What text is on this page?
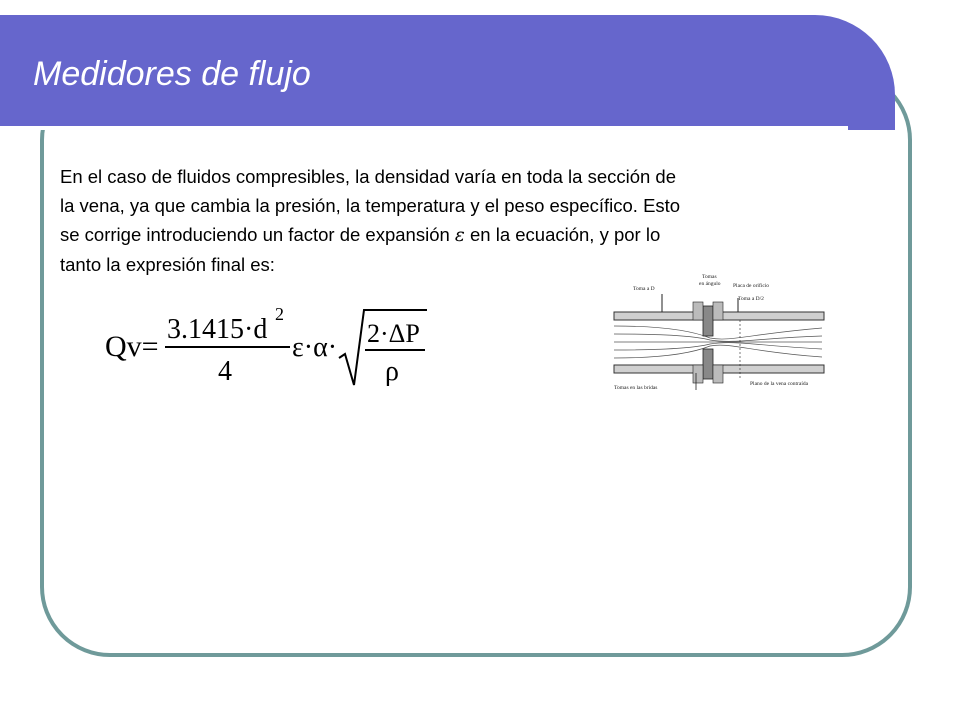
Medidores de flujo

En el caso de fluidos compresibles, la densidad varía en toda la sección de

la vena, ya que cambia la presión, la temperatura y el peso específico. Esto

se corrige introduciendo un factor de expansión ε en la ecuación, y por lo

tanto la expresión final es:

Qv=
3.1415·d 2
4
ε·α· 2·ΔP
ρ
Toma a D
Tomas
en ángulo Placa de orificio
Toma a D/2
Tomas en las bridas
Plano de la vena contraída
